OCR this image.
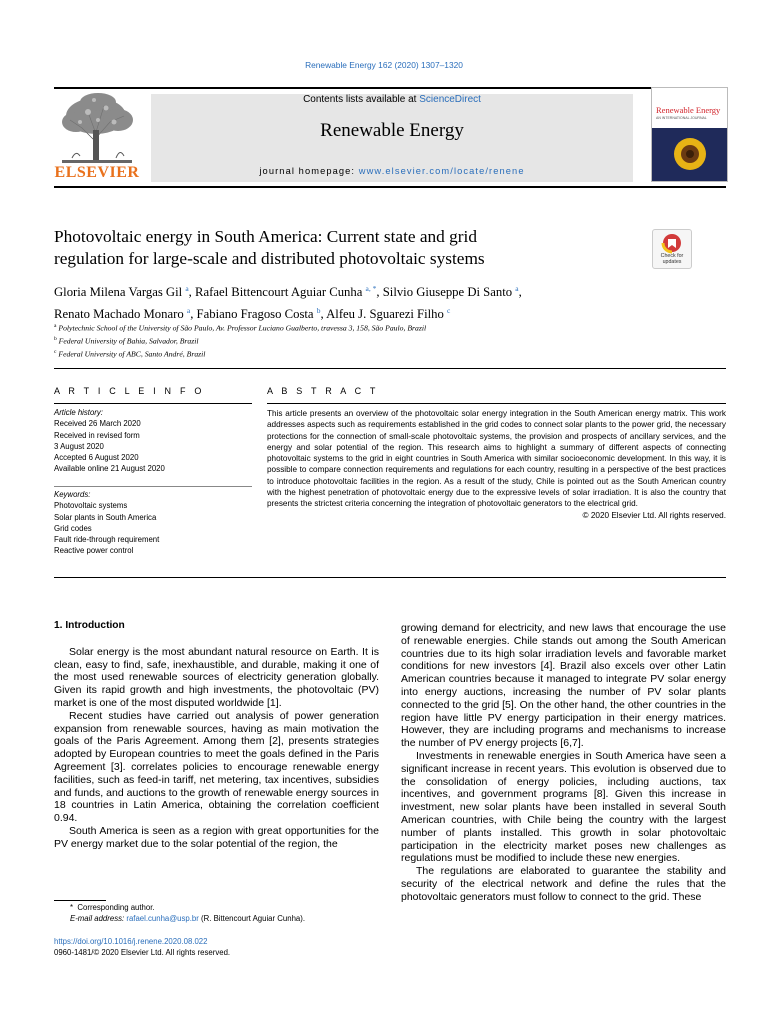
Renewable Energy 162 (2020) 1307–1320
ELSEVIER
Contents lists available at ScienceDirect
Renewable Energy
journal homepage: www.elsevier.com/locate/renene
Renewable Energy
AN INTERNATIONAL JOURNAL
Photovoltaic energy in South America: Current state and grid
regulation for large-scale and distributed photovoltaic systems	Check for updates
Gloria Milena Vargas Gil $^a$, Rafael Bittencourt Aguiar Cunha $^{a, *}$, Silvio Giuseppe Di Santo $^a$,
Renato Machado Monaro $^a$, Fabiano Fragoso Costa $^b$, Alfeu J. Sguarezi Filho $^c$
$^a$ Polytechnic School of the University of São Paulo, Av. Professor Luciano Gualberto, travessa 3, 158, São Paulo, Brazil
$^b$ Federal University of Bahia, Salvador, Brazil
$^c$ Federal University of ABC, Santo André, Brazil
A R T I C L E I N F O	A B S T R A C T
Article history:
Received 26 March 2020
Received in revised form
3 August 2020
Accepted 6 August 2020
Available online 21 August 2020
Keywords:
Photovoltaic systems
Solar plants in South America
Grid codes
Fault ride-through requirement
Reactive power control
This article presents an overview of the photovoltaic solar energy integration in the South American energy matrix. This work addresses aspects such as requirements established in the grid codes to connect solar plants to the power grid, the necessary protections for the connection of small-scale photovoltaic systems, the provision and prospects of ancillary services, and the energy and solar potential of the region. This research aims to highlight a summary of different aspects of connecting photovoltaic systems to the grid in eight countries in South America with similar socioeconomic development. In this way, it is possible to compare connection requirements and regulations for each country, resulting in a perspective of the best practices to introduce photovoltaic facilities in the region. As a result of the study, Chile is pointed out as the South American country with the highest penetration of photovoltaic energy due to the expressive levels of solar irradiation. It is also the country that presents the strictest criteria concerning the integration of photovoltaic generators to the electrical grid.
© 2020 Elsevier Ltd. All rights reserved.
1. Introduction

Solar energy is the most abundant natural resource on Earth. It is clean, easy to find, safe, inexhaustible, and durable, making it one of the most used renewable sources of electricity generation globally. Given its rapid growth and high investments, the photovoltaic (PV) market is one of the most disputed worldwide [1].

Recent studies have carried out analysis of power generation expansion from renewable sources, having as main motivation the goals of the Paris Agreement. Among them [2], presents strategies adopted by European countries to meet the goals defined in the Paris Agreement [3]. correlates policies to encourage renewable energy facilities, such as feed-in tariff, net metering, tax incentives, subsidies and funds, and auctions to the growth of renewable energy sources in 18 countries in Latin America, obtaining the correlation coefficient 0.94.

South America is seen as a region with great opportunities for the PV energy market due to the solar potential of the region, the

growing demand for electricity, and new laws that encourage the use of renewable energies. Chile stands out among the South American countries due to its high solar irradiation levels and favorable market conditions for new investors [4]. Brazil also excels over other Latin American countries because it managed to integrate PV solar energy into energy auctions, increasing the number of PV solar plants connected to the grid [5]. On the other hand, the other countries in the region have little PV energy participation in their energy matrices. However, they are including programs and mechanisms to increase the number of PV energy projects [6,7].

Investments in renewable energies in South America have seen a significant increase in recent years. This evolution is observed due to the consolidation of energy policies, including auctions, tax incentives, and government programs [8]. Given this increase in investment, new solar plants have been installed in several South American countries, with Chile being the country with the largest number of plants installed. This growth in solar photovoltaic participation in the electricity market poses new challenges as regulations must be modified to include these new energies.

The regulations are elaborated to guarantee the stability and security of the electrical network and define the rules that the photovoltaic generators must follow to connect to the grid. These

* Corresponding author.
E-mail address: rafael.cunha@usp.br (R. Bittencourt Aguiar Cunha).
https://doi.org/10.1016/j.renene.2020.08.022
0960-1481/© 2020 Elsevier Ltd. All rights reserved.
